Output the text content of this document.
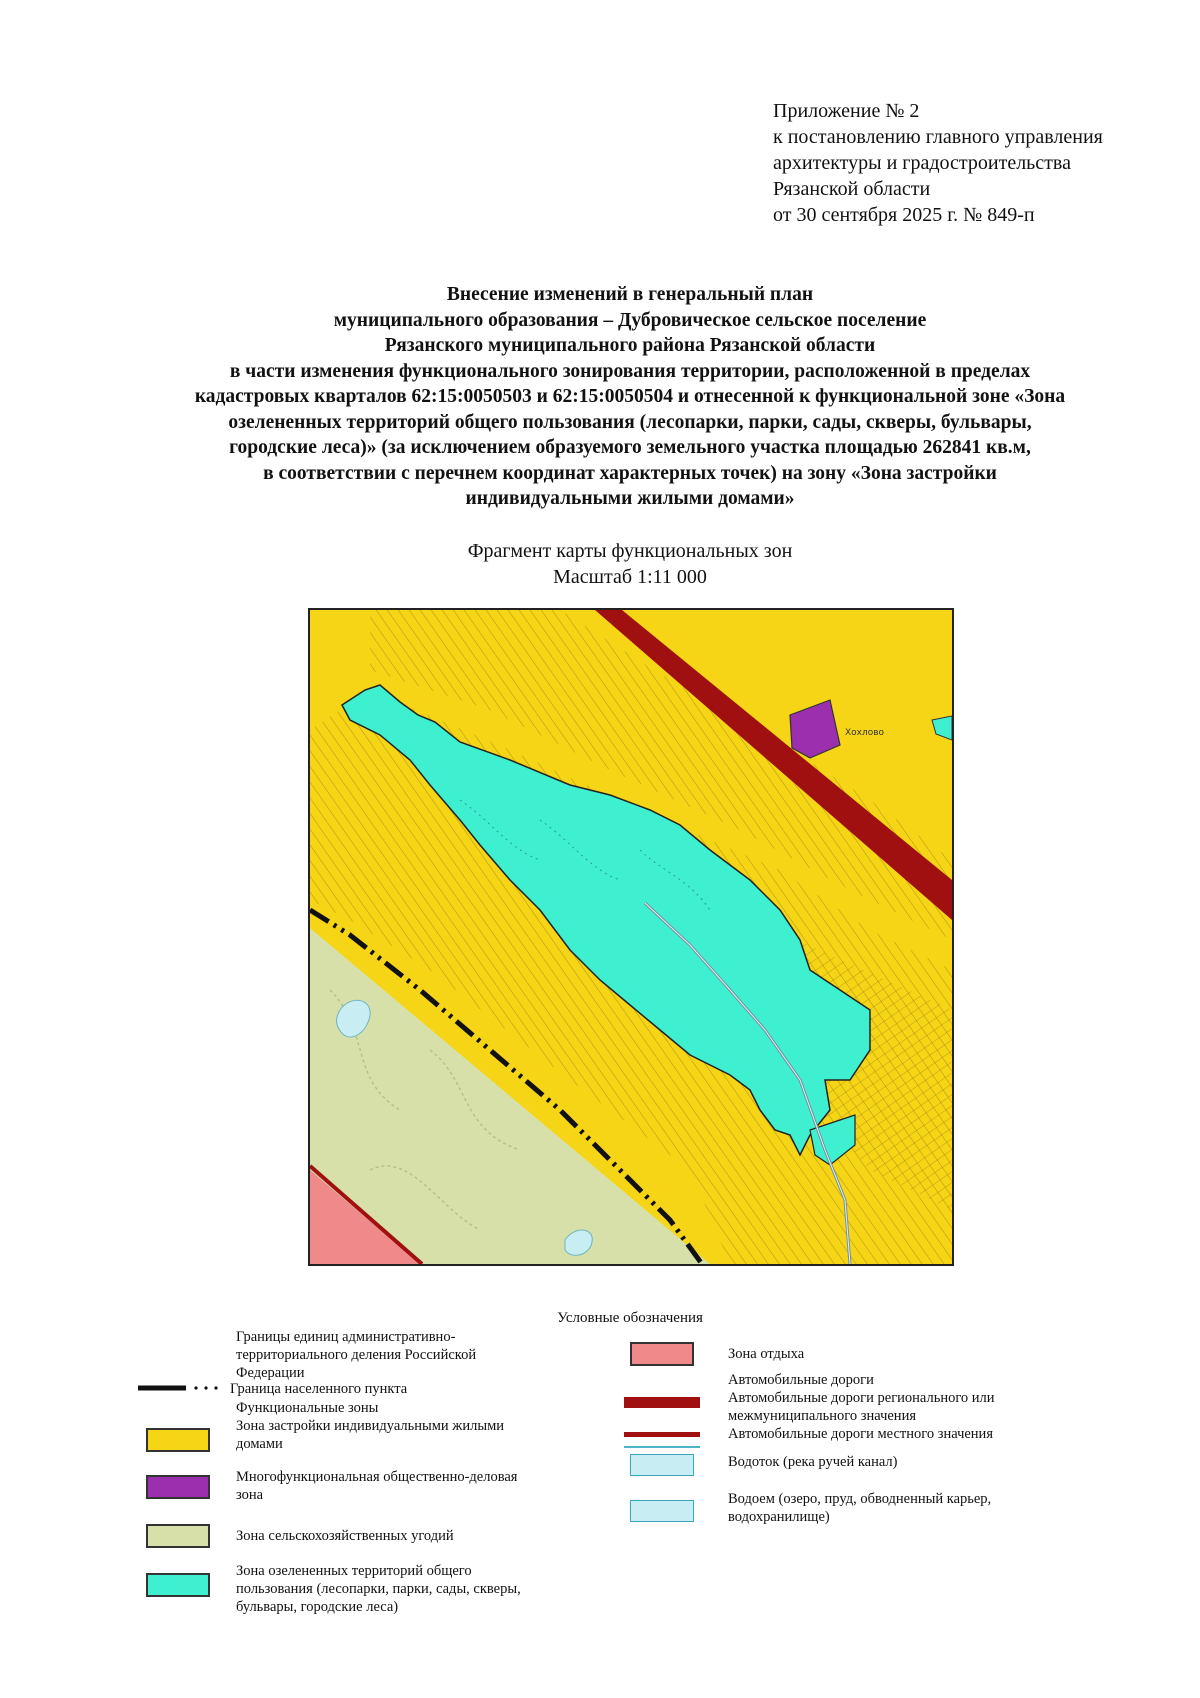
Приложение № 2
к постановлению главного управления
архитектуры и градостроительства
Рязанской области
от 30 сентября 2025 г. № 849-п
Внесение изменений в генеральный план
муниципального образования – Дубровическое сельское поселение
Рязанского муниципального района Рязанской области
в части изменения функционального зонирования территории, расположенной в пределах
кадастровых кварталов 62:15:0050503 и 62:15:0050504 и отнесенной к функциональной зоне «Зона
озелененных территорий общего пользования (лесопарки, парки, сады, скверы, бульвары,
городские леса)» (за исключением образуемого земельного участка площадью 262841 кв.м,
в соответствии с перечнем координат характерных точек) на зону «Зона застройки
индивидуальными жилыми домами»
Фрагмент карты функциональных зон
Масштаб 1:11 000
Хохлово
Условные обозначения
Границы единиц административно-
территориального деления Российской
Федерации
Граница населенного пункта
Функциональные зоны
Зона застройки индивидуальными жилыми
домами
Многофункциональная общественно-деловая
зона
Зона сельскохозяйственных угодий
Зона озелененных территорий общего
пользования (лесопарки, парки, сады, скверы,
бульвары, городские леса)
Зона отдыха
Автомобильные дороги
Автомобильные дороги регионального или
межмуниципального значения
Автомобильные дороги местного значения
Водоток (река ручей канал)
Водоем (озеро, пруд, обводненный карьер,
водохранилище)
